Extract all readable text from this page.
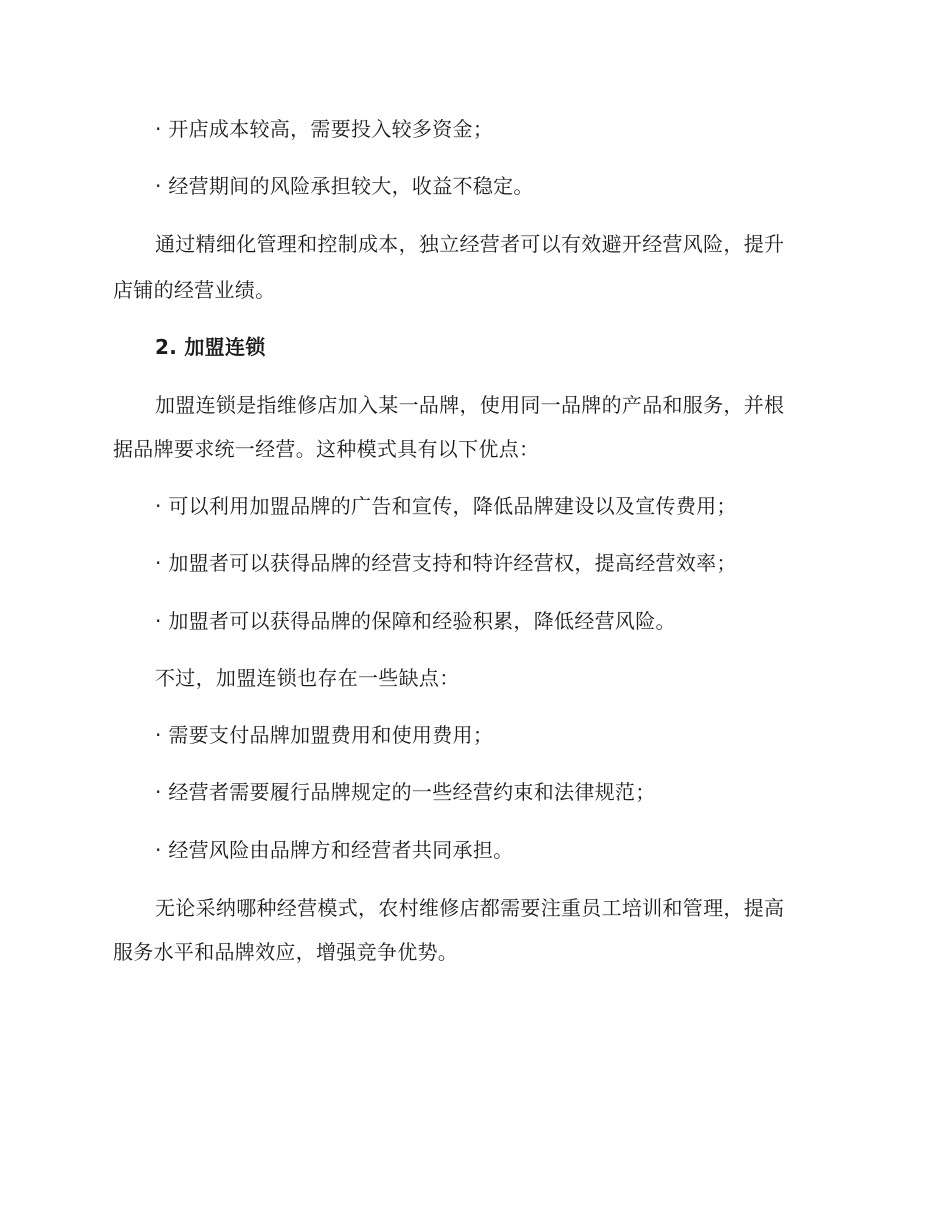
· 开店成本较高，需要投入较多资金；
· 经营期间的风险承担较大，收益不稳定。
通过精细化管理和控制成本，独立经营者可以有效避开经营风险，提升
店铺的经营业绩。
2. 加盟连锁
加盟连锁是指维修店加入某一品牌，使用同一品牌的产品和服务，并根
据品牌要求统一经营。这种模式具有以下优点：
· 可以利用加盟品牌的广告和宣传，降低品牌建设以及宣传费用；
· 加盟者可以获得品牌的经营支持和特许经营权，提高经营效率；
· 加盟者可以获得品牌的保障和经验积累，降低经营风险。
不过，加盟连锁也存在一些缺点：
· 需要支付品牌加盟费用和使用费用；
· 经营者需要履行品牌规定的一些经营约束和法律规范；
· 经营风险由品牌方和经营者共同承担。
无论采纳哪种经营模式，农村维修店都需要注重员工培训和管理，提高
服务水平和品牌效应，增强竞争优势。
